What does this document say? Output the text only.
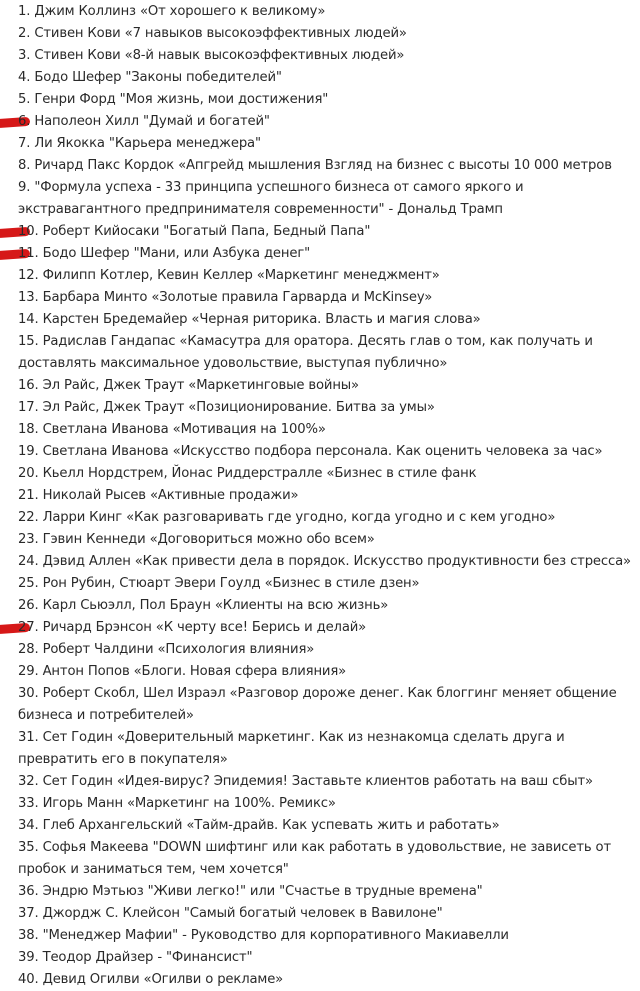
1. Джим Коллинз «От хорошего к великому»
2. Стивен Кови «7 навыков высокоэффективных людей»
3. Стивен Кови «8-й навык высокоэффективных людей»
4. Бодо Шефер "Законы победителей"
5. Генри Форд "Моя жизнь, мои достижения"
6. Наполеон Хилл "Думай и богатей"
7. Ли Якокка "Карьера менеджера"
8. Ричард Пакс Кордок «Апгрейд мышления Взгляд на бизнес с высоты 10 000 метров
9. "Формула успеха - 33 принципа успешного бизнеса от самого яркого и экстравагантного предпринимателя современности" - Дональд Трамп
10. Роберт Кийосаки "Богатый Папа, Бедный Папа"
11. Бодо Шефер "Мани, или Азбука денег"
12. Филипп Котлер, Кевин Келлер «Маркетинг менеджмент»
13. Барбара Минто «Золотые правила Гарварда и McKinsey»
14. Карстен Бредемайер «Черная риторика. Власть и магия слова»
15. Радислав Гандапас «Камасутра для оратора. Десять глав о том, как получать и доставлять максимальное удовольствие, выступая публично»
16. Эл Райс, Джек Траут «Маркетинговые войны»
17. Эл Райс, Джек Траут «Позиционирование. Битва за умы»
18. Светлана Иванова «Мотивация на 100%»
19. Светлана Иванова «Искусство подбора персонала. Как оценить человека за час»
20. Кьелл Нордстрем, Йонас Риддерстралле «Бизнес в стиле фанк
21. Николай Рысев «Активные продажи»
22. Ларри Кинг «Как разговаривать где угодно, когда угодно и с кем угодно»
23. Гэвин Кеннеди «Договориться можно обо всем»
24. Дэвид Аллен «Как привести дела в порядок. Искусство продуктивности без стресса»
25. Рон Рубин, Стюарт Эвери Гоулд «Бизнес в стиле дзен»
26. Карл Сьюэлл, Пол Браун «Клиенты на всю жизнь»
27. Ричард Брэнсон «К черту все! Берись и делай»
28. Роберт Чалдини «Психология влияния»
29. Антон Попов «Блоги. Новая сфера влияния»
30. Роберт Скобл, Шел Израэл «Разговор дороже денег. Как блоггинг меняет общение бизнеса и потребителей»
31. Сет Годин «Доверительный маркетинг. Как из незнакомца сделать друга и превратить его в покупателя»
32. Сет Годин «Идея-вирус? Эпидемия! Заставьте клиентов работать на ваш сбыт»
33. Игорь Манн «Маркетинг на 100%. Ремикс»
34. Глеб Архангельский «Тайм-драйв. Как успевать жить и работать»
35. Софья Макеева "DOWN шифтинг или как работать в удовольствие, не зависеть от пробок и заниматься тем, чем хочется"
36. Эндрю Мэтьюз "Живи легко!" или "Счастье в трудные времена"
37. Джордж С. Клейсон "Самый богатый человек в Вавилоне"
38. "Менеджер Мафии" - Руководство для корпоративного Макиавелли
39. Теодор Драйзер - "Финансист"
40. Девид Огилви «Огилви о рекламе»
